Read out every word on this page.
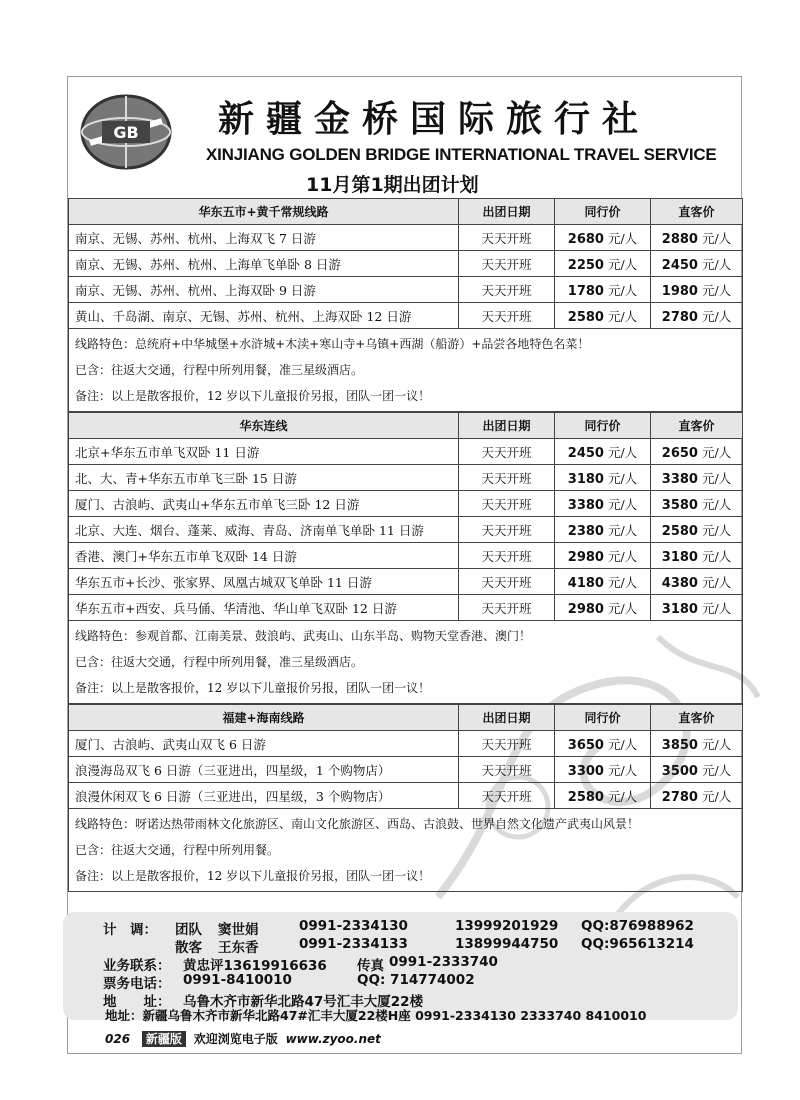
GB 新疆金桥国际旅行社
XINJIANG GOLDEN BRIDGE INTERNATIONAL TRAVEL SERVICE
11月第1期出团计划
华东五市+黄千常规线路	出团日期	同行价	直客价
南京、无锡、苏州、杭州、上海双飞 7 日游	天天开班	2680 元/人	2880 元/人
南京、无锡、苏州、杭州、上海单飞单卧 8 日游	天天开班	2250 元/人	2450 元/人
南京、无锡、苏州、杭州、上海双卧 9 日游	天天开班	1780 元/人	1980 元/人
黄山、千岛湖、南京、无锡、苏州、杭州、上海双卧 12 日游	天天开班	2580 元/人	2780 元/人

线路特色：总统府+中华城堡+水浒城+木渎+寒山寺+乌镇+西湖（船游）+品尝各地特色名菜！
已含：往返大交通，行程中所列用餐，准三星级酒店。
备注：以上是散客报价，12 岁以下儿童报价另报，团队一团一议！			
华东连线	出团日期	同行价	直客价
北京+华东五市单飞双卧 11 日游	天天开班	2450 元/人	2650 元/人
北、大、青+华东五市单飞三卧 15 日游	天天开班	3180 元/人	3380 元/人
厦门、古浪屿、武夷山+华东五市单飞三卧 12 日游	天天开班	3380 元/人	3580 元/人
北京、大连、烟台、蓬莱、威海、青岛、济南单飞单卧 11 日游	天天开班	2380 元/人	2580 元/人
香港、澳门+华东五市单飞双卧 14 日游	天天开班	2980 元/人	3180 元/人
华东五市+长沙、张家界、凤凰古城双飞单卧 11 日游	天天开班	4180 元/人	4380 元/人
华东五市+西安、兵马俑、华清池、华山单飞双卧 12 日游	天天开班	2980 元/人	3180 元/人

线路特色：参观首都、江南美景、鼓浪屿、武夷山、山东半岛、购物天堂香港、澳门！
已含：往返大交通，行程中所列用餐，准三星级酒店。
备注：以上是散客报价，12 岁以下儿童报价另报，团队一团一议！			
福建+海南线路	出团日期	同行价	直客价
厦门、古浪屿、武夷山双飞 6 日游	天天开班	3650 元/人	3850 元/人
浪漫海岛双飞 6 日游（三亚进出，四星级，1 个购物店）	天天开班	3300 元/人	3500 元/人
浪漫休闲双飞 6 日游（三亚进出，四星级，3 个购物店）	天天开班	2580 元/人	2780 元/人

线路特色：呀诺达热带雨林文化旅游区、南山文化旅游区、西岛、古浪鼓、世界自然文化遗产武夷山风景！
已含：往返大交通，行程中所列用餐。
备注：以上是散客报价，12 岁以下儿童报价另报，团队一团一议！			
计　调： 团队 窦世娟	0991-2334130	13999201929 QQ:876988962
散客 王东香	0991-2334133	13899944750 QQ:965613214
业务联系： 黄忠评13619916636 传真 0991-2333740
票务电话： 0991-8410010	QQ: 714774002
地　　址： 乌鲁木齐市新华北路47号汇丰大厦22楼
地址：新疆乌鲁木齐市新华北路47#汇丰大厦22楼H座 0991-2334130 2333740 8410010
026 新疆版 欢迎浏览电子版 www.zyoo.net
